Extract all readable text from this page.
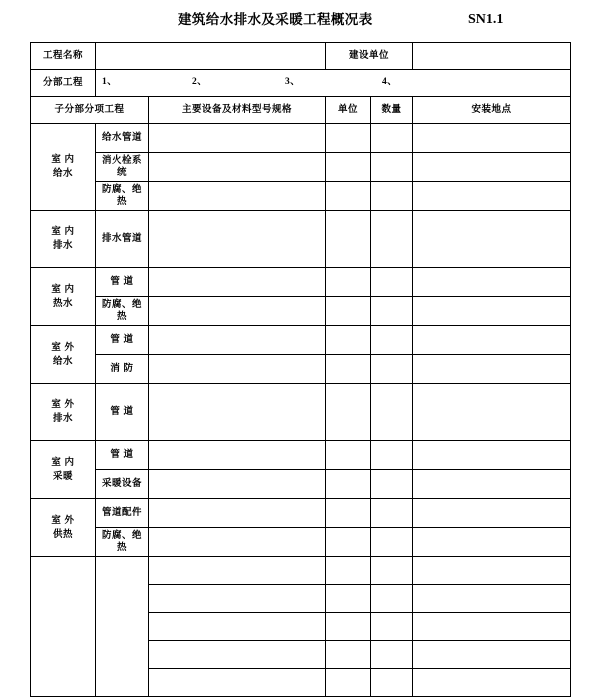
建筑给水排水及采暖工程概况表	SN1.1
工程名称			建设单位		
分部工程	1、 2、 3、 4、				

子分部分项工程		主要设备及材料型号规格	单位	数量	安装地点

室 内
给水	给水管道				
	消火栓系统				
	防腐、绝热				

室 内
排水	排水管道				

室 内
热水	管 道				
	防腐、绝热				

室 外
给水	管 道				
	消 防				

室 外
排水	管 道				

室 内
采暖	管 道				
	采暖设备				

室 外
供热	管道配件				
	防腐、绝热				
